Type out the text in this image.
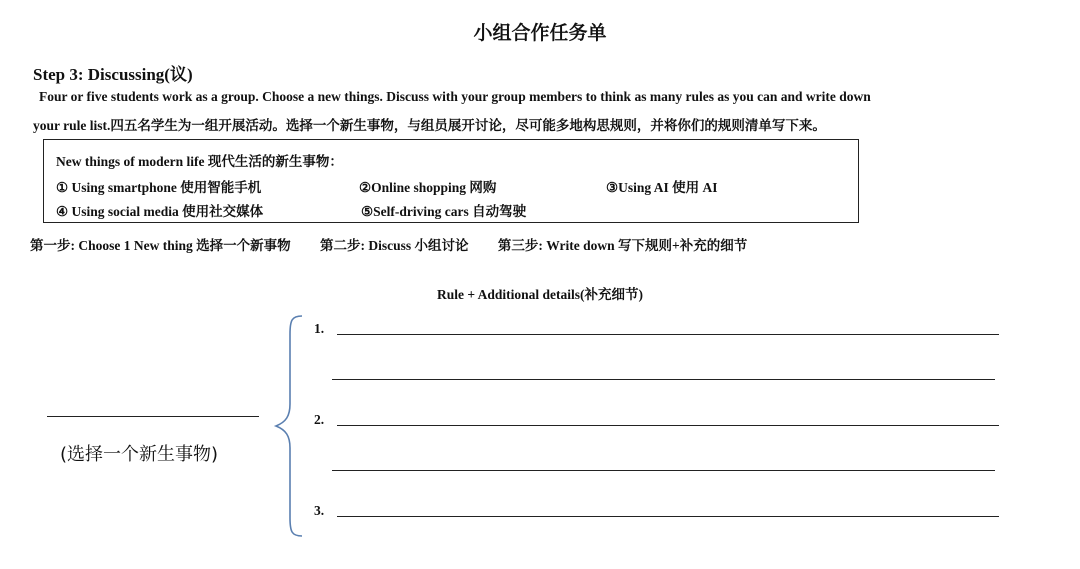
小组合作任务单
Step 3: Discussing(议)
Four or five students work as a group. Choose a new things. Discuss with your group members to think as many rules as you can and write down
your rule list.四五名学生为一组开展活动。选择一个新生事物，与组员展开讨论，尽可能多地构思规则，并将你们的规则清单写下来。
New things of modern life 现代生活的新生事物：
① Using smartphone 使用智能手机	②Online shopping 网购	③Using AI 使用 AI
④ Using social media 使用社交媒体	⑤Self-driving cars 自动驾驶
第一步: Choose 1 New thing 选择一个新事物 第二步: Discuss 小组讨论 第三步: Write down 写下规则+补充的细节
Rule + Additional details(补充细节)
(选择一个新生事物)
1.
2.
3.
